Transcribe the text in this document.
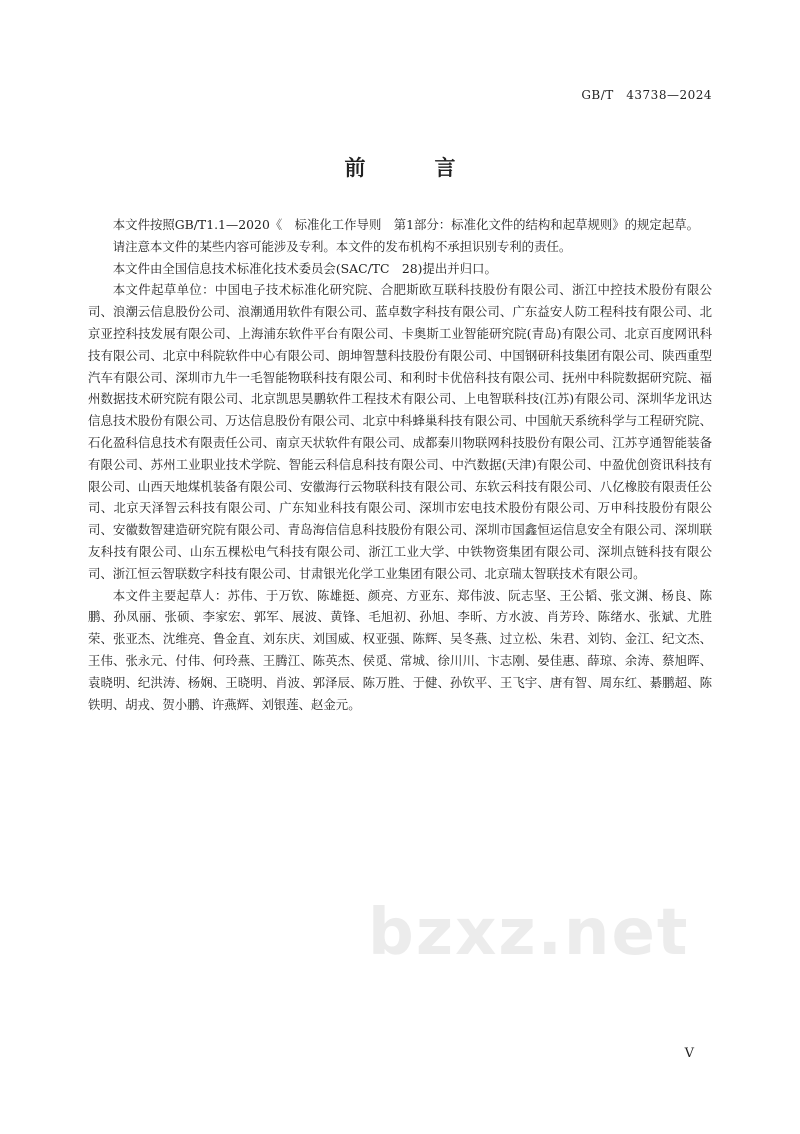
GB/T　43738—2024
前　言

本文件按照GB/T1.1—2020《　标准化工作导则　第1部分：标准化文件的结构和起草规则》的规定起草。

请注意本文件的某些内容可能涉及专利。本文件的发布机构不承担识别专利的责任。

本文件由全国信息技术标准化技术委员会(SAC/TC　28)提出并归口。

本文件起草单位：中国电子技术标准化研究院、合肥斯欧互联科技股份有限公司、浙江中控技术股份有限公司、浪潮云信息股份公司、浪潮通用软件有限公司、蓝卓数字科技有限公司、广东益安人防工程科技有限公司、北京亚控科技发展有限公司、上海浦东软件平台有限公司、卡奥斯工业智能研究院(青岛)有限公司、北京百度网讯科技有限公司、北京中科院软件中心有限公司、朗坤智慧科技股份有限公司、中国钢研科技集团有限公司、陕西重型汽车有限公司、深圳市九牛一毛智能物联科技有限公司、和利时卡优倍科技有限公司、抚州中科院数据研究院、福州数据技术研究院有限公司、北京凯思昊鹏软件工程技术有限公司、上电智联科技(江苏)有限公司、深圳华龙讯达信息技术股份有限公司、万达信息股份有限公司、北京中科蜂巢科技有限公司、中国航天系统科学与工程研究院、石化盈科信息技术有限责任公司、南京天状软件有限公司、成都秦川物联网科技股份有限公司、江苏亨通智能装备有限公司、苏州工业职业技术学院、智能云科信息科技有限公司、中汽数据(天津)有限公司、中盈优创资讯科技有限公司、山西天地煤机装备有限公司、安徽海行云物联科技有限公司、东软云科技有限公司、八亿橡胶有限责任公司、北京天泽智云科技有限公司、广东知业科技有限公司、深圳市宏电技术股份有限公司、万申科技股份有限公司、安徽数智建造研究院有限公司、青岛海信信息科技股份有限公司、深圳市国鑫恒运信息安全有限公司、深圳联友科技有限公司、山东五棵松电气科技有限公司、浙江工业大学、中铁物资集团有限公司、深圳点链科技有限公司、浙江恒云智联数字科技有限公司、甘肃银光化学工业集团有限公司、北京瑞太智联技术有限公司。

本文件主要起草人：苏伟、于万钦、陈雄挺、颜亮、方亚东、郑伟波、阮志坚、王公韬、张文渊、杨良、陈鹏、孙凤丽、张硕、李家宏、郭军、展波、黄锋、毛旭初、孙旭、李昕、方水波、肖芳玲、陈绪水、张斌、尤胜荣、张亚杰、沈维亮、鲁金直、刘东庆、刘国威、权亚强、陈辉、吴冬燕、过立松、朱君、刘钧、金江、纪文杰、王伟、张永元、付伟、何玲燕、王腾江、陈英杰、侯觅、常城、徐川川、卞志刚、晏佳惠、薛琼、余涛、蔡旭晖、袁晓明、纪洪涛、杨娴、王晓明、肖波、郭泽辰、陈万胜、于健、孙钦平、王飞宇、唐有智、周东红、綦鹏超、陈铁明、胡戎、贺小鹏、许燕辉、刘银莲、赵金元。

bzxz.net
V
